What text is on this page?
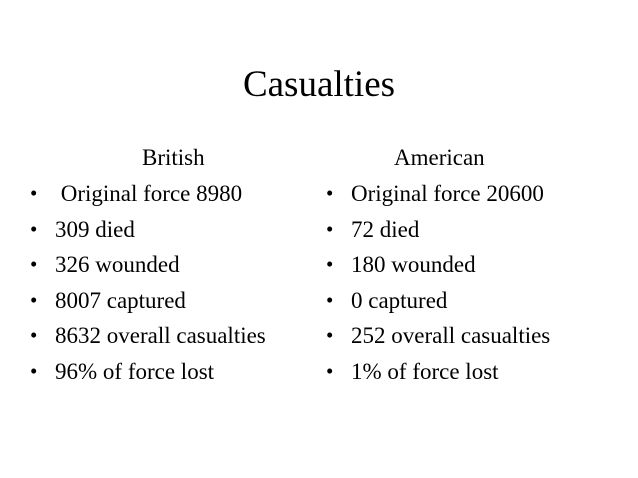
Casualties
British
• Original force 8980
• 309 died
• 326 wounded
• 8007 captured
• 8632 overall casualties
• 96% of force lost
American
• Original force 20600
• 72 died
• 180 wounded
• 0 captured
• 252 overall casualties
• 1% of force lost
